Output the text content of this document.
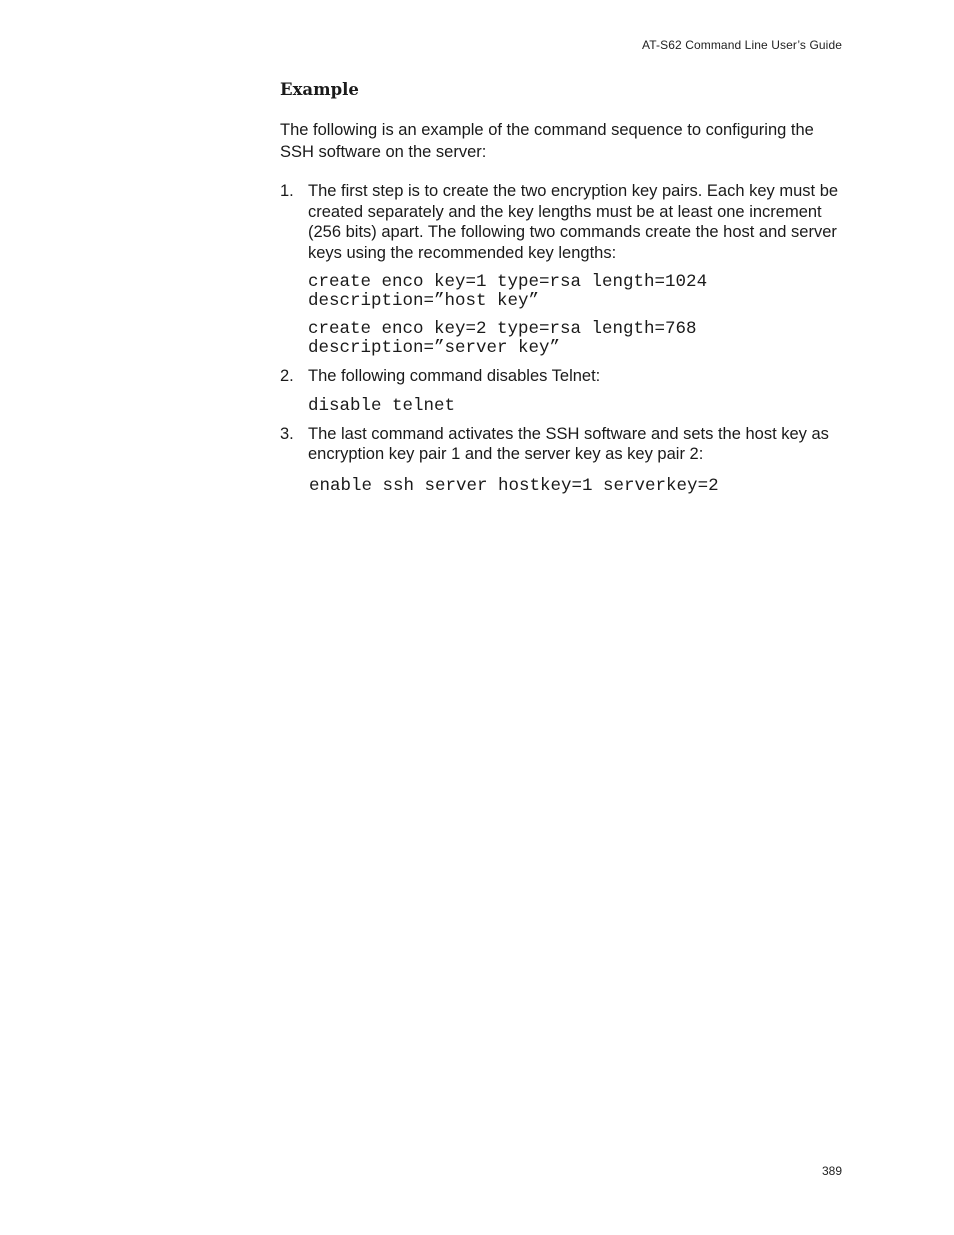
AT-S62 Command Line User’s Guide
Example

The following is an example of the command sequence to configuring the SSH software on the server:

1. The first step is to create the two encryption key pairs. Each key must be created separately and the key lengths must be at least one increment (256 bits) apart. The following two commands create the host and server keys using the recommended key lengths:

create enco key=1 type=rsa length=1024
description=”host key”
create enco key=2 type=rsa length=768
description=”server key”
2. The following command disables Telnet:

disable telnet
3. The last command activates the SSH software and sets the host key as encryption key pair 1 and the server key as key pair 2:

enable ssh server hostkey=1 serverkey=2
389
